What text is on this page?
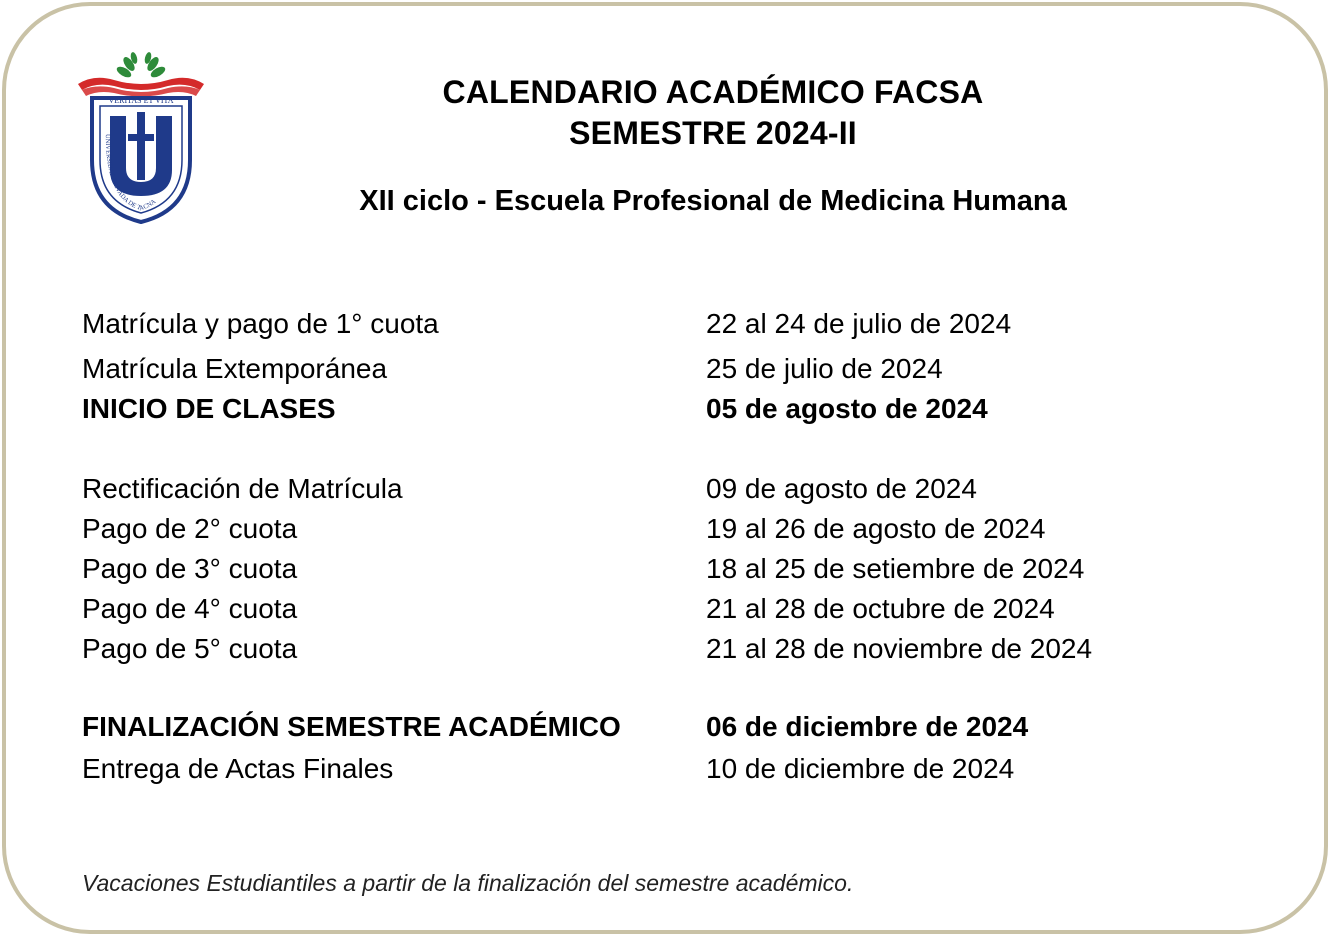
"VERITAS ET VITA"
UNIVERSIDAD PRIVADA DE TACNA
CALENDARIO ACADÉMICO FACSA
SEMESTRE 2024-II
XII ciclo - Escuela Profesional de Medicina Humana
Matrícula y pago de 1° cuota	22 al 24 de julio de 2024
Matrícula Extemporánea	25 de julio de 2024
INICIO DE CLASES	05 de agosto de 2024
Rectificación de Matrícula	09 de agosto de 2024
Pago de 2° cuota	19 al 26 de agosto de 2024
Pago de 3° cuota	18 al 25 de setiembre de 2024
Pago de 4° cuota	21 al 28 de octubre de 2024
Pago de 5° cuota	21 al 28 de noviembre de 2024
FINALIZACIÓN SEMESTRE ACADÉMICO	06 de diciembre de 2024
Entrega de Actas Finales	10 de diciembre de 2024
Vacaciones Estudiantiles a partir de la finalización del semestre académico.
